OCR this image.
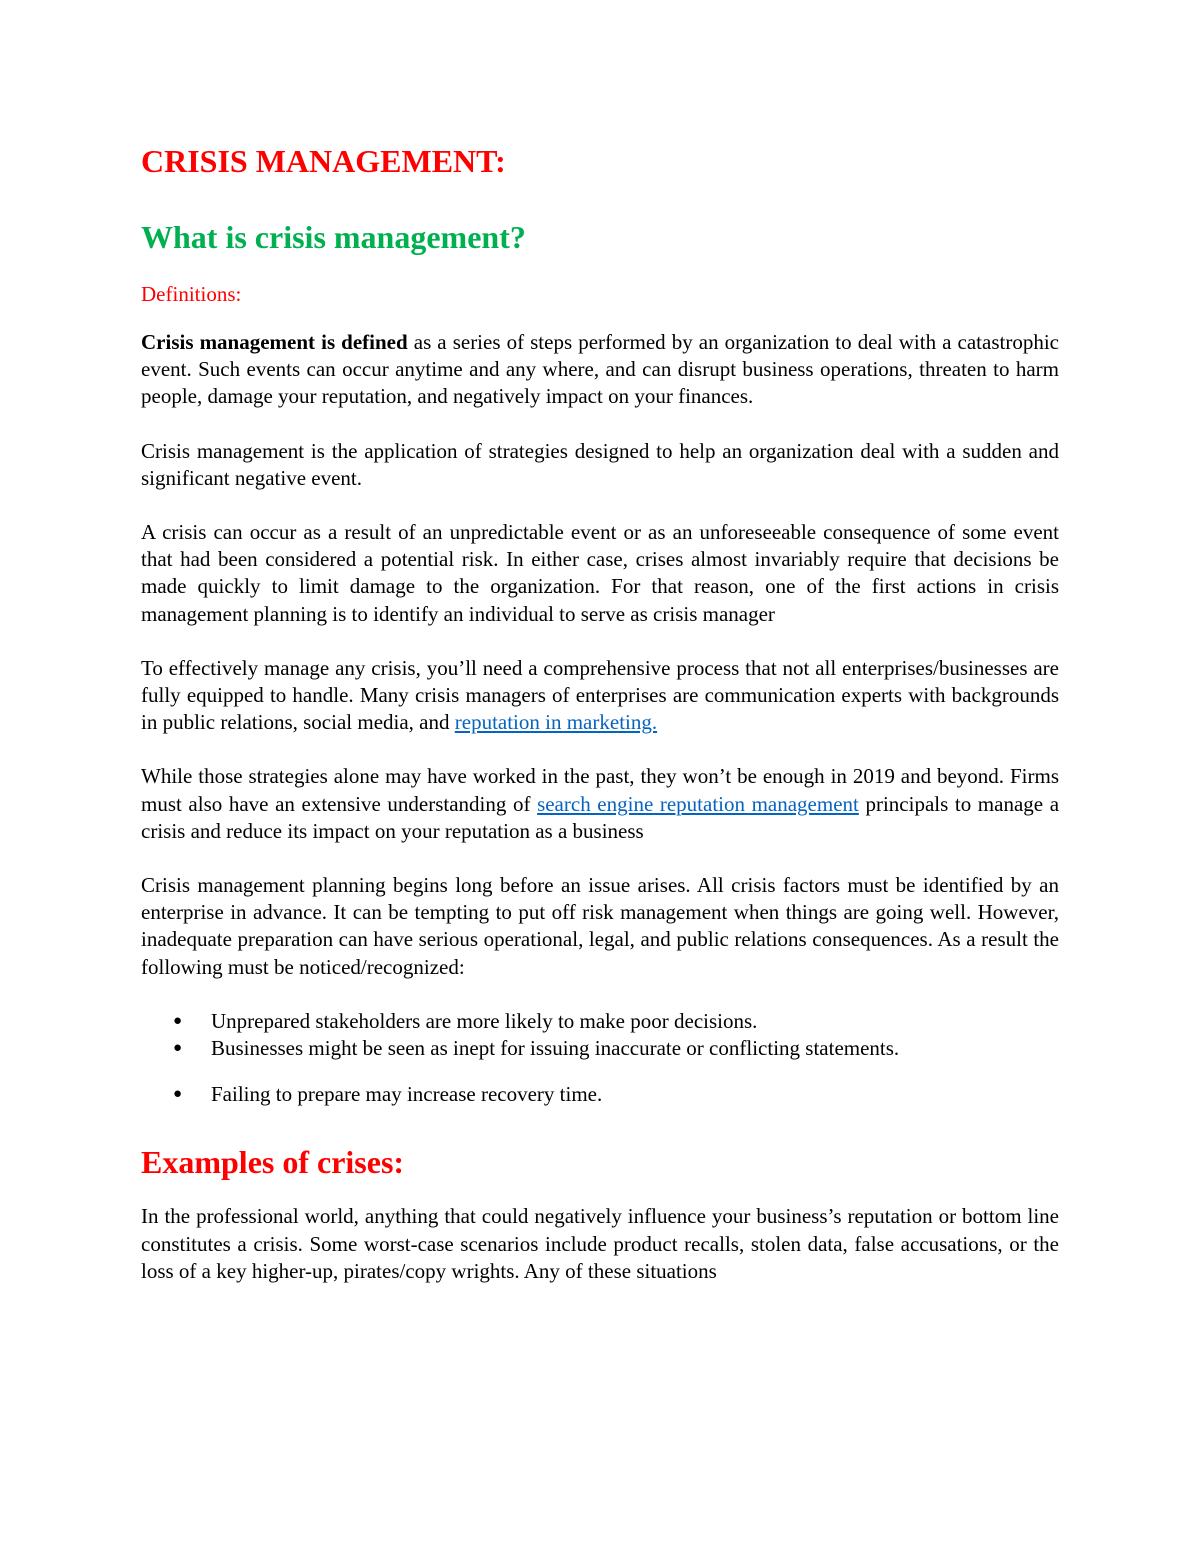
CRISIS MANAGEMENT:
What is crisis management?
Definitions:

Crisis management is defined as a series of steps performed by an organization to deal with a catastrophic event. Such events can occur anytime and any where, and can disrupt business operations, threaten to harm people, damage your reputation, and negatively impact on your finances.

Crisis management is the application of strategies designed to help an organization deal with a sudden and significant negative event.

A crisis can occur as a result of an unpredictable event or as an unforeseeable consequence of some event that had been considered a potential risk. In either case, crises almost invariably require that decisions be made quickly to limit damage to the organization. For that reason, one of the first actions in crisis management planning is to identify an individual to serve as crisis manager

To effectively manage any crisis, you’ll need a comprehensive process that not all enterprises/businesses are fully equipped to handle. Many crisis managers of enterprises are communication experts with backgrounds in public relations, social media, and reputation in marketing.

While those strategies alone may have worked in the past, they won’t be enough in 2019 and beyond. Firms must also have an extensive understanding of search engine reputation management principals to manage a crisis and reduce its impact on your reputation as a business

Crisis management planning begins long before an issue arises. All crisis factors must be identified by an enterprise in advance. It can be tempting to put off risk management when things are going well. However, inadequate preparation can have serious operational, legal, and public relations consequences. As a result the following must be noticed/recognized:

● Unprepared stakeholders are more likely to make poor decisions.
● Businesses might be seen as inept for issuing inaccurate or conflicting statements.
● Failing to prepare may increase recovery time.
Examples of crises:

In the professional world, anything that could negatively influence your business’s reputation or bottom line constitutes a crisis. Some worst-case scenarios include product recalls, stolen data, false accusations, or the loss of a key higher-up, pirates/copy wrights. Any of these situations
